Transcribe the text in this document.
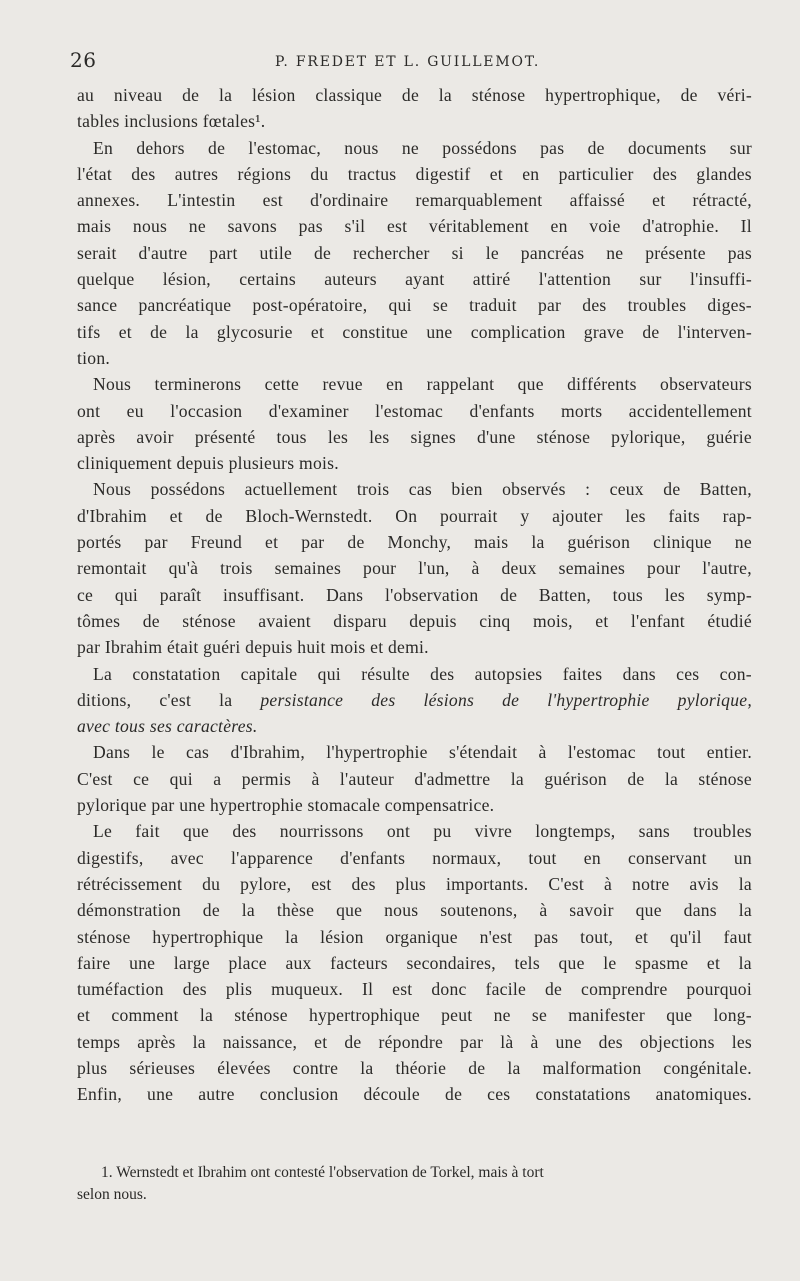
26	P. FREDET ET L. GUILLEMOT.
au niveau de la lésion classique de la sténose hypertrophique, de véri-
tables inclusions fœtales¹.
En dehors de l'estomac, nous ne possédons pas de documents sur
l'état des autres régions du tractus digestif et en particulier des glandes
annexes. L'intestin est d'ordinaire remarquablement affaissé et rétracté,
mais nous ne savons pas s'il est véritablement en voie d'atrophie. Il
serait d'autre part utile de rechercher si le pancréas ne présente pas
quelque lésion, certains auteurs ayant attiré l'attention sur l'insuffi-
sance pancréatique post-opératoire, qui se traduit par des troubles diges-
tifs et de la glycosurie et constitue une complication grave de l'interven-
tion.
Nous terminerons cette revue en rappelant que différents observateurs
ont eu l'occasion d'examiner l'estomac d'enfants morts accidentellement
après avoir présenté tous les les signes d'une sténose pylorique, guérie
cliniquement depuis plusieurs mois.
Nous possédons actuellement trois cas bien observés : ceux de Batten,
d'Ibrahim et de Bloch-Wernstedt. On pourrait y ajouter les faits rap-
portés par Freund et par de Monchy, mais la guérison clinique ne
remontait qu'à trois semaines pour l'un, à deux semaines pour l'autre,
ce qui paraît insuffisant. Dans l'observation de Batten, tous les symp-
tômes de sténose avaient disparu depuis cinq mois, et l'enfant étudié
par Ibrahim était guéri depuis huit mois et demi.
La constatation capitale qui résulte des autopsies faites dans ces con-
ditions, c'est la persistance des lésions de l'hypertrophie pylorique,
avec tous ses caractères.
Dans le cas d'Ibrahim, l'hypertrophie s'étendait à l'estomac tout entier.
C'est ce qui a permis à l'auteur d'admettre la guérison de la sténose
pylorique par une hypertrophie stomacale compensatrice.
Le fait que des nourrissons ont pu vivre longtemps, sans troubles
digestifs, avec l'apparence d'enfants normaux, tout en conservant un
rétrécissement du pylore, est des plus importants. C'est à notre avis la
démonstration de la thèse que nous soutenons, à savoir que dans la
sténose hypertrophique la lésion organique n'est pas tout, et qu'il faut
faire une large place aux facteurs secondaires, tels que le spasme et la
tuméfaction des plis muqueux. Il est donc facile de comprendre pourquoi
et comment la sténose hypertrophique peut ne se manifester que long-
temps après la naissance, et de répondre par là à une des objections les
plus sérieuses élevées contre la théorie de la malformation congénitale.
Enfin, une autre conclusion découle de ces constatations anatomiques.
1. Wernstedt et Ibrahim ont contesté l'observation de Torkel, mais à tort
selon nous.
